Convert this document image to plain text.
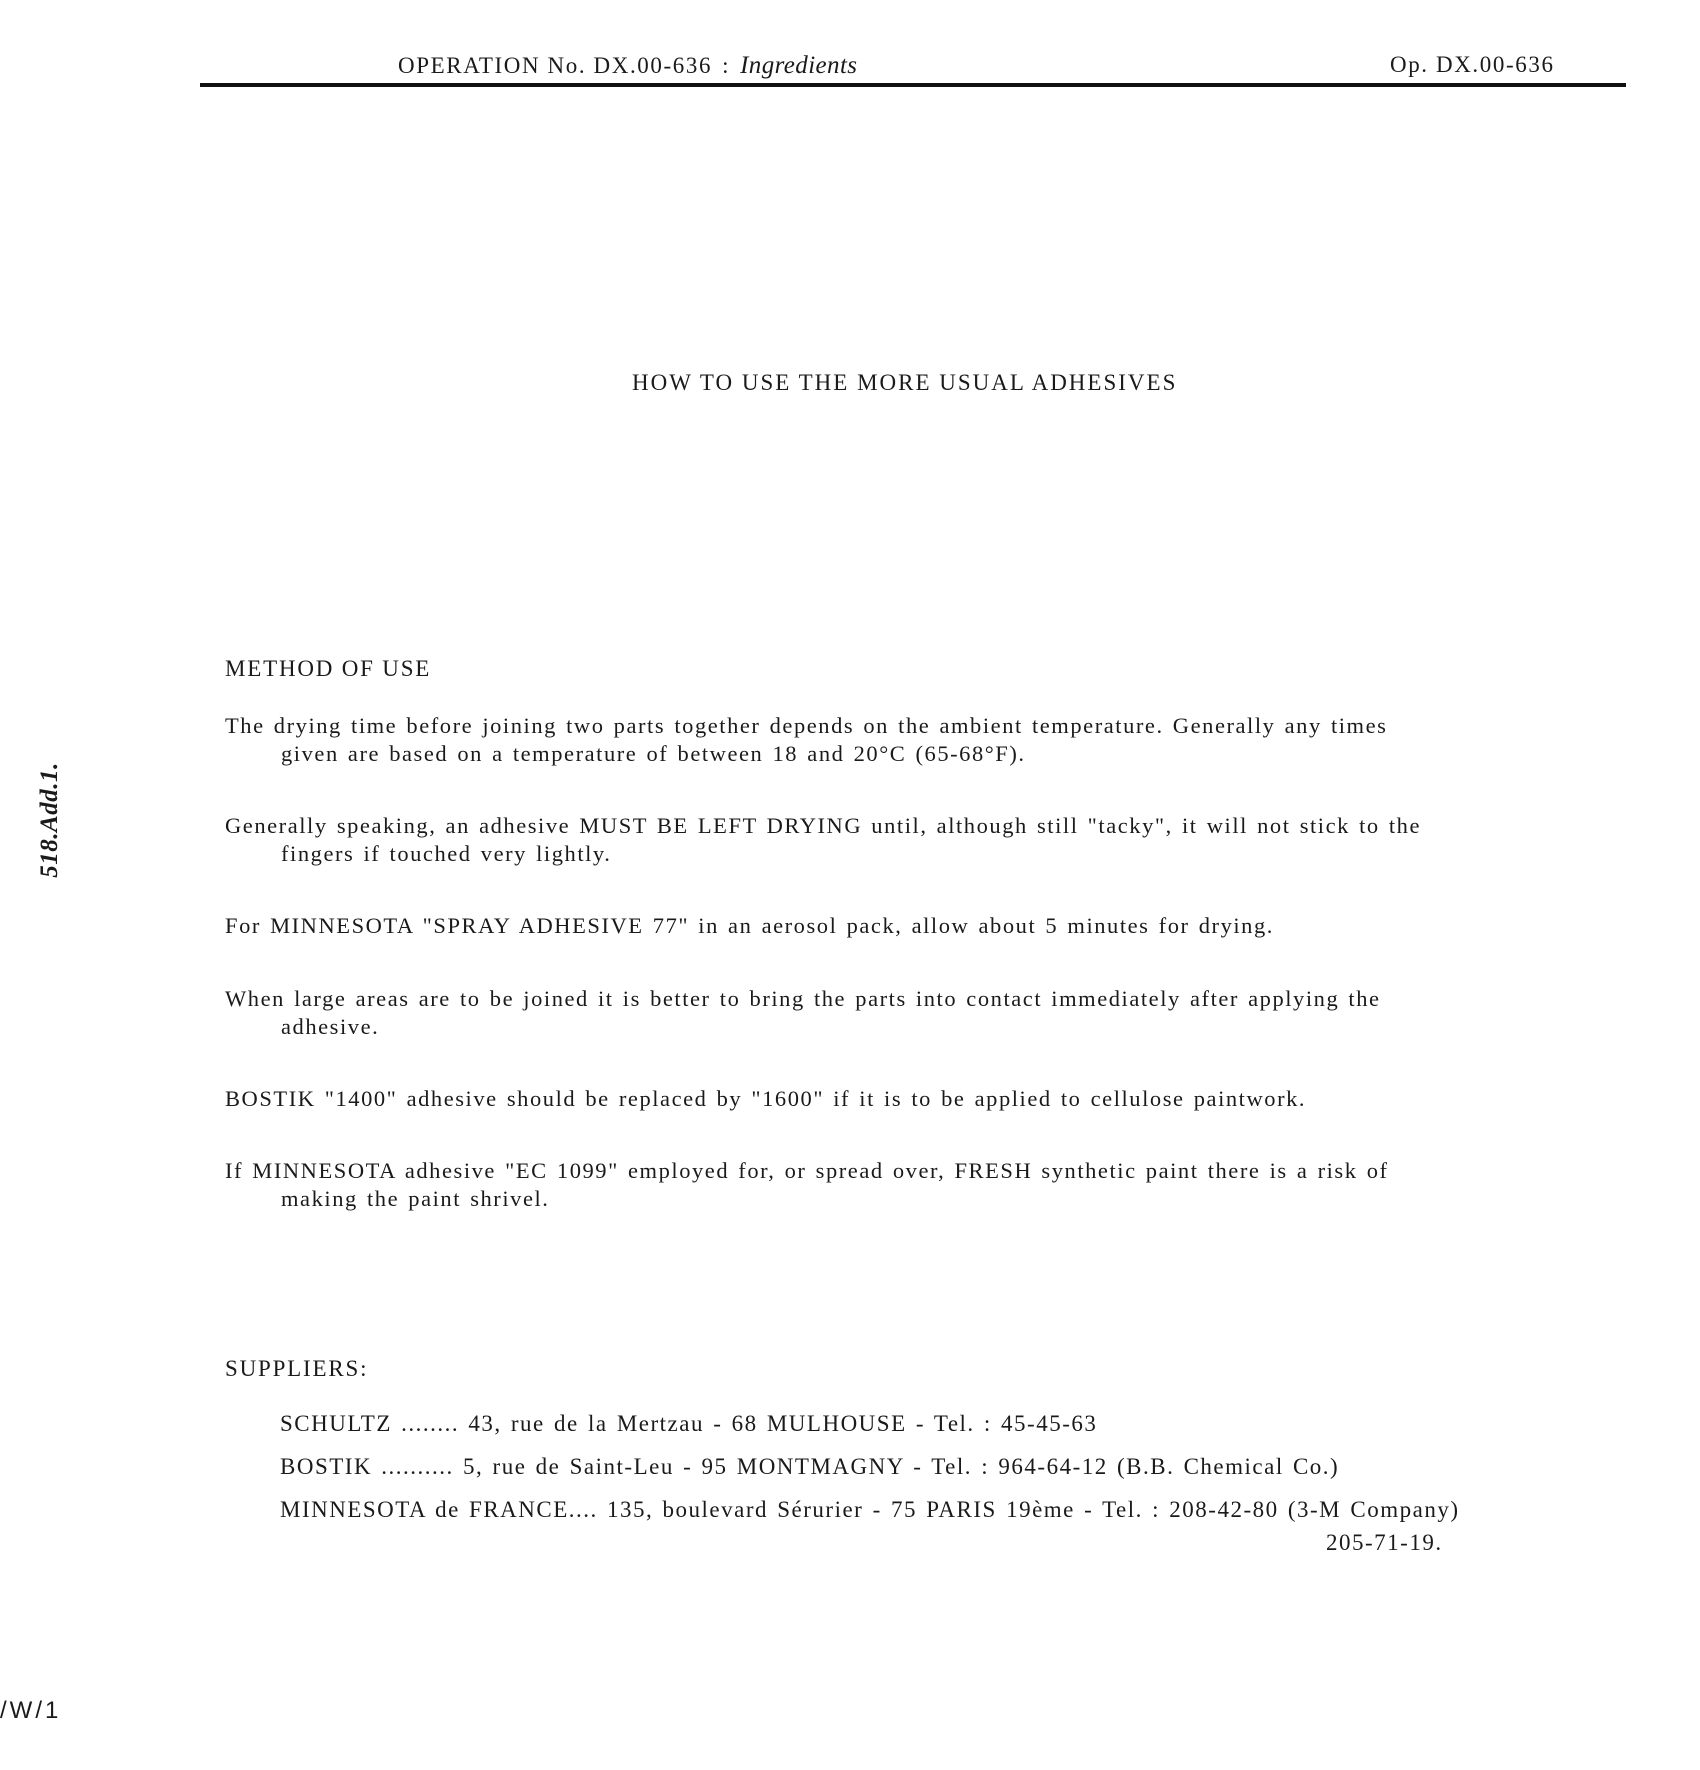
OPERATION No. DX.00-636 : Ingredients	Op. DX.00-636
518.Add.1.
HOW TO USE THE MORE USUAL ADHESIVES
METHOD OF USE
The drying time before joining two parts together depends on the ambient temperature. Generally any times
given are based on a temperature of between 18 and 20°C (65-68°F).
Generally speaking, an adhesive MUST BE LEFT DRYING until, although still "tacky", it will not stick to the
fingers if touched very lightly.
For MINNESOTA "SPRAY ADHESIVE 77" in an aerosol pack, allow about 5 minutes for drying.
When large areas are to be joined it is better to bring the parts into contact immediately after applying the
adhesive.
BOSTIK "1400" adhesive should be replaced by "1600" if it is to be applied to cellulose paintwork.
If MINNESOTA adhesive "EC 1099" employed for, or spread over, FRESH synthetic paint there is a risk of
making the paint shrivel.
SUPPLIERS:
SCHULTZ ........ 43, rue de la Mertzau - 68 MULHOUSE - Tel. : 45-45-63
BOSTIK .......... 5, rue de Saint-Leu - 95 MONTMAGNY - Tel. : 964-64-12 (B.B. Chemical Co.)
MINNESOTA de FRANCE.... 135, boulevard Sérurier - 75 PARIS 19ème - Tel. : 208-42-80 (3-M Company)
205-71-19.
/W/1
